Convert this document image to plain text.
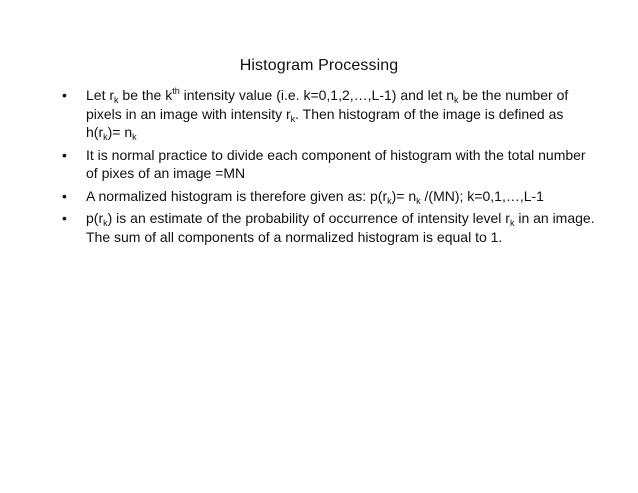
Histogram Processing
• Let $r_k$ be the $k^{th}$ intensity value (i.e. k=0,1,2,…,L-1) and let $n_k$ be the number of pixels in an image with intensity $r_k$. Then histogram of the image is defined as $h(r_k)= n_k$
• It is normal practice to divide each component of histogram with the total number of pixes of an image =MN
• A normalized histogram is therefore given as: $p(r_k)= n_k$ /(MN); k=0,1,…,L-1
• $p(r_k)$ is an estimate of the probability of occurrence of intensity level $r_k$ in an image. The sum of all components of a normalized histogram is equal to 1.
